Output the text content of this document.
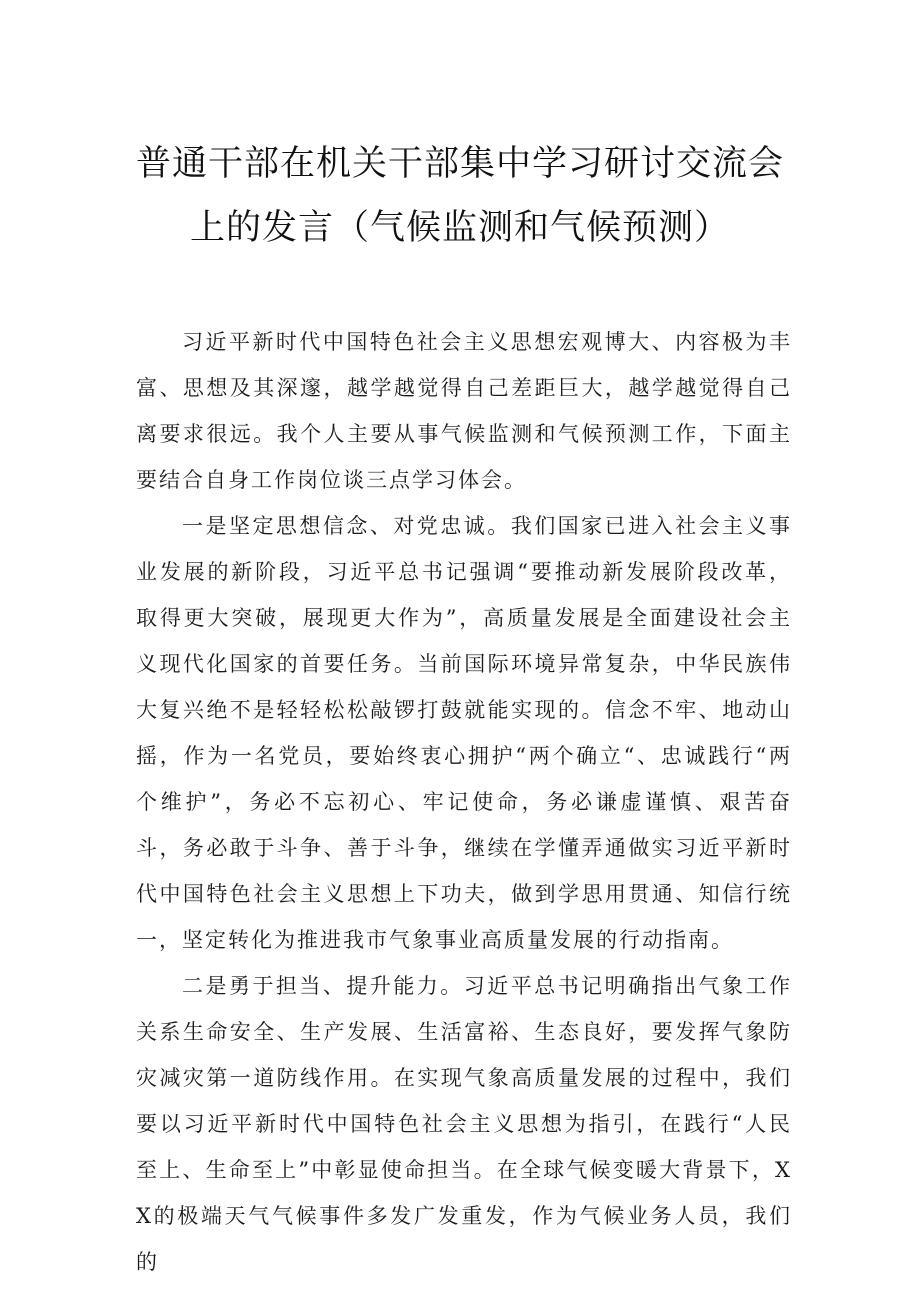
普通干部在机关干部集中学习研讨交流会
上的发言（气候监测和气候预测）

习近平新时代中国特色社会主义思想宏观博大、内容极为丰富、思想及其深邃，越学越觉得自己差距巨大，越学越觉得自己离要求很远。我个人主要从事气候监测和气候预测工作，下面主要结合自身工作岗位谈三点学习体会。

一是坚定思想信念、对党忠诚。我们国家已进入社会主义事业发展的新阶段，习近平总书记强调“要推动新发展阶段改革，取得更大突破，展现更大作为”，高质量发展是全面建设社会主义现代化国家的首要任务。当前国际环境异常复杂，中华民族伟大复兴绝不是轻轻松松敲锣打鼓就能实现的。信念不牢、地动山摇，作为一名党员，要始终衷心拥护“两个确立“、忠诚践行“两个维护”，务必不忘初心、牢记使命，务必谦虚谨慎、艰苦奋斗，务必敢于斗争、善于斗争，继续在学懂弄通做实习近平新时代中国特色社会主义思想上下功夫，做到学思用贯通、知信行统一，坚定转化为推进我市气象事业高质量发展的行动指南。

二是勇于担当、提升能力。习近平总书记明确指出气象工作关系生命安全、生产发展、生活富裕、生态良好，要发挥气象防灾减灾第一道防线作用。在实现气象高质量发展的过程中，我们要以习近平新时代中国特色社会主义思想为指引，在践行“人民至上、生命至上”中彰显使命担当。在全球气候变暖大背景下，XX的极端天气气候事件多发广发重发，作为气候业务人员，我们的
